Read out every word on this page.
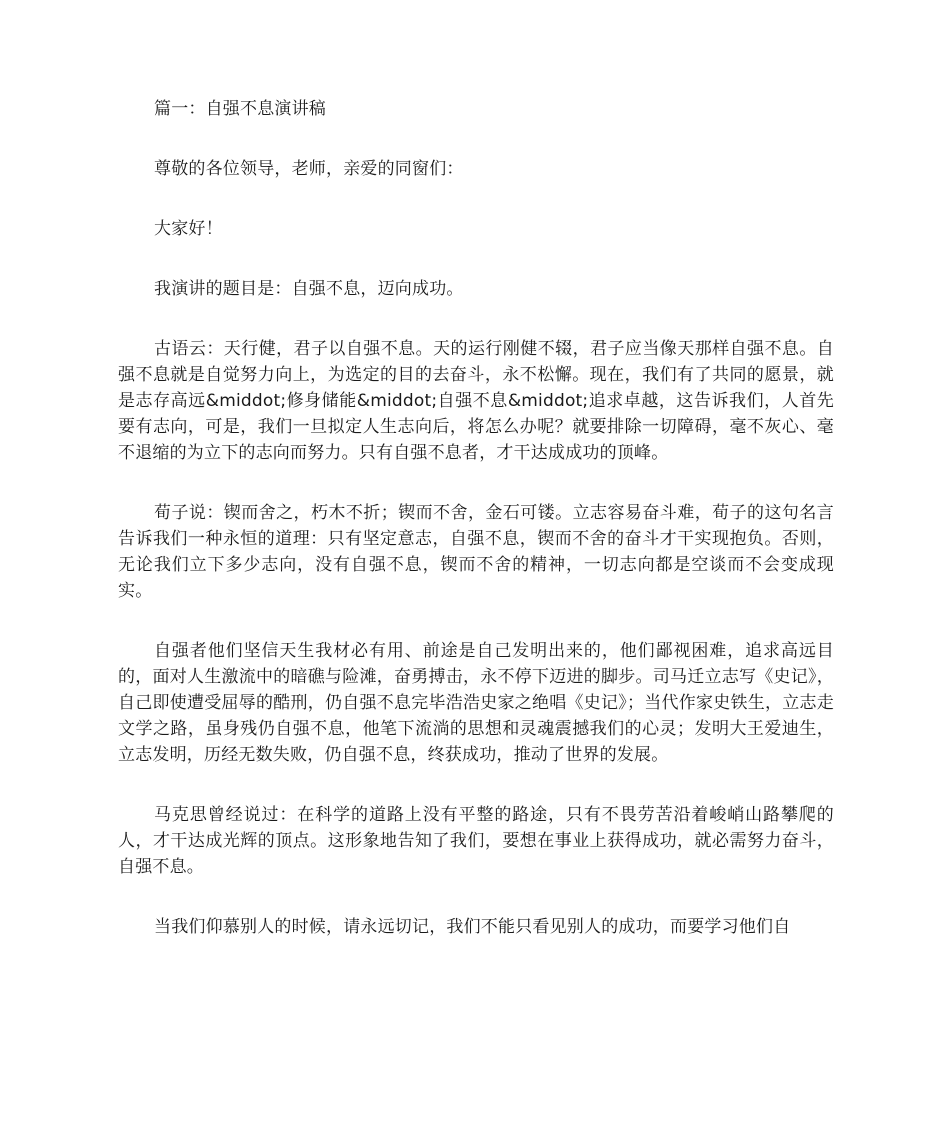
篇一：自强不息演讲稿

尊敬的各位领导，老师，亲爱的同窗们：

大家好！

我演讲的题目是：自强不息，迈向成功。

古语云：天行健，君子以自强不息。天的运行刚健不辍，君子应当像天那样自强不息。自强不息就是自觉努力向上，为选定的目的去奋斗，永不松懈。现在，我们有了共同的愿景，就是志存高远&middot;修身储能&middot;自强不息&middot;追求卓越，这告诉我们，人首先要有志向，可是，我们一旦拟定人生志向后，将怎么办呢？就要排除一切障碍，毫不灰心、毫不退缩的为立下的志向而努力。只有自强不息者，才干达成成功的顶峰。

荀子说：锲而舍之，朽木不折；锲而不舍，金石可镂。立志容易奋斗难，荀子的这句名言告诉我们一种永恒的道理：只有坚定意志，自强不息，锲而不舍的奋斗才干实现抱负。否则，无论我们立下多少志向，没有自强不息，锲而不舍的精神，一切志向都是空谈而不会变成现实。

自强者他们坚信天生我材必有用、前途是自己发明出来的，他们鄙视困难，追求高远目的，面对人生激流中的暗礁与险滩，奋勇搏击，永不停下迈进的脚步。司马迁立志写《史记》，自己即使遭受屈辱的酷刑，仍自强不息完毕浩浩史家之绝唱《史记》；当代作家史铁生，立志走文学之路，虽身残仍自强不息，他笔下流淌的思想和灵魂震撼我们的心灵；发明大王爱迪生，立志发明，历经无数失败，仍自强不息，终获成功，推动了世界的发展。

马克思曾经说过：在科学的道路上没有平整的路途，只有不畏劳苦沿着峻峭山路攀爬的人，才干达成光辉的顶点。这形象地告知了我们，要想在事业上获得成功，就必需努力奋斗，自强不息。

当我们仰慕别人的时候，请永远切记，我们不能只看见别人的成功，而要学习他们自
